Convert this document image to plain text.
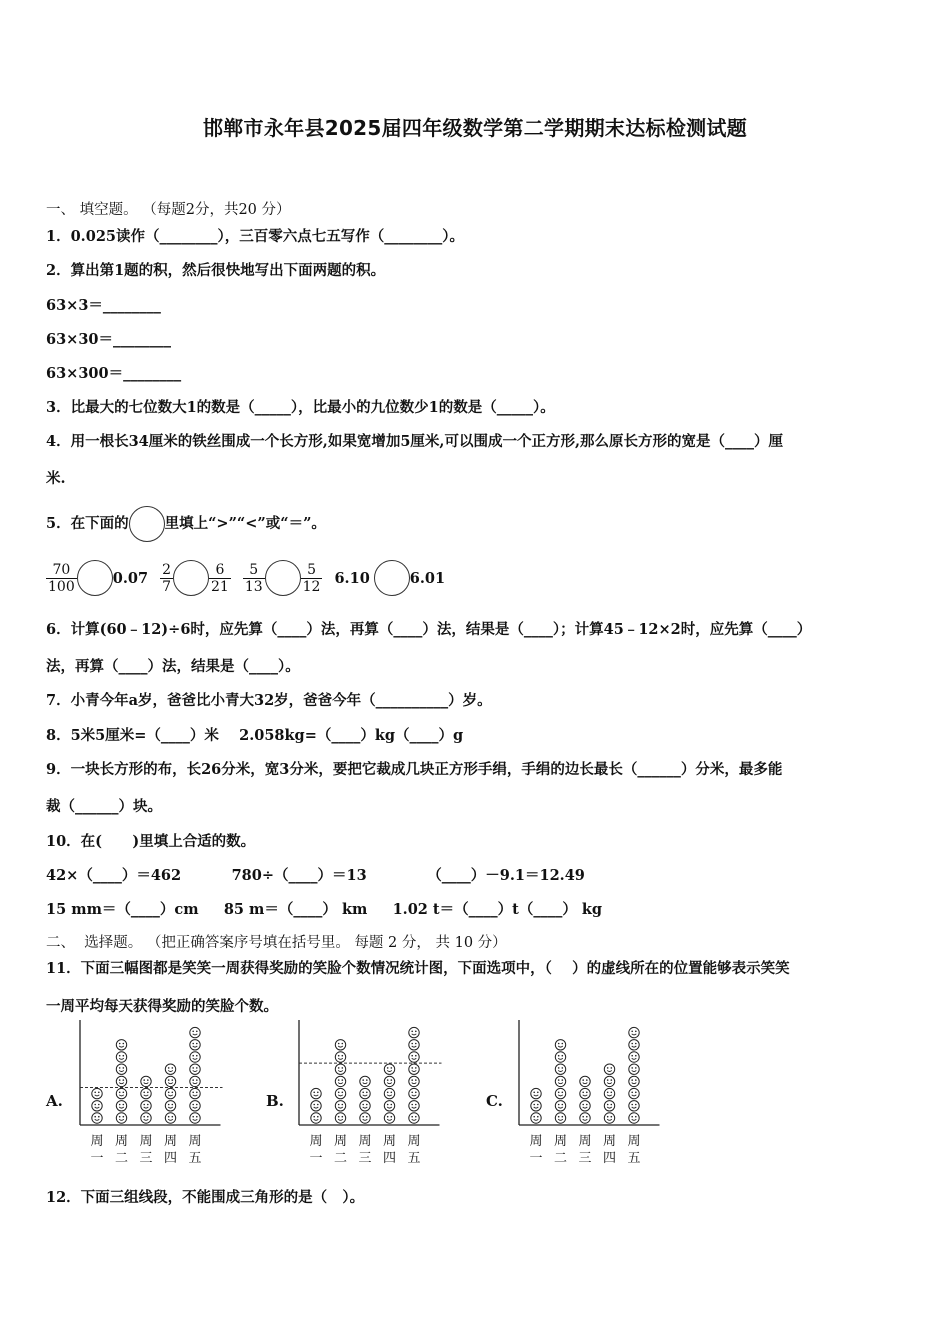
邯郸市永年县2025届四年级数学第二学期期末达标检测试题
一、 填空题。 （每题2分，共20 分）
1．0.025读作（________），三百零六点七五写作（________）。
2．算出第1题的积，然后很快地写出下面两题的积。
63×3＝________
63×30＝________
63×300＝________
3．比最大的七位数大1的数是（_____），比最小的九位数少1的数是（_____）。
4．用一根长34厘米的铁丝围成一个长方形,如果宽增加5厘米,可以围成一个正方形,那么原长方形的宽是（____）厘
米.
5．在下面的 里填上“>”“<”或“＝”。
$\frac{70}{100} 0.07 \frac{2}{7}$	$\frac{6}{21} \frac{5}{13}$	$\frac{5}{12} 6.10$	6.01
6．计算(60﹣12)÷6时，应先算（____）法，再算（____）法，结果是（____）；计算45﹣12×2时，应先算（____）
法，再算（____）法，结果是（____）。
7．小青今年a岁，爸爸比小青大32岁，爸爸今年（__________）岁。
8．5米5厘米=（____）米    2.058kg=（____）kg（____）g
9．一块长方形的布，长26分米，宽3分米，要把它裁成几块正方形手绢，手绢的边长最长（______）分米，最多能
裁（______）块。
10．在(      )里填上合适的数。
42×（____）＝462          780÷（____）＝13            （____）－9.1＝12.49
15 mm＝（____）cm     85 m＝（____） km     1.02 t＝（____）t（____） kg
二、  选择题。 （把正确答案序号填在括号里。 每题 2 分， 共 10 分）
11．下面三幅图都是笑笑一周获得奖励的笑脸个数情况统计图，下面选项中，（    ）的虚线所在的位置能够表示笑笑
一周平均每天获得奖励的笑脸个数。
A.	B.	C.
周
一
周
二
周
三
周
四
周
五
周
一
周
二
周
三
周
四
周
五
周
一
周
二
周
三
周
四
周
五
12．下面三组线段，不能围成三角形的是（   ）。
